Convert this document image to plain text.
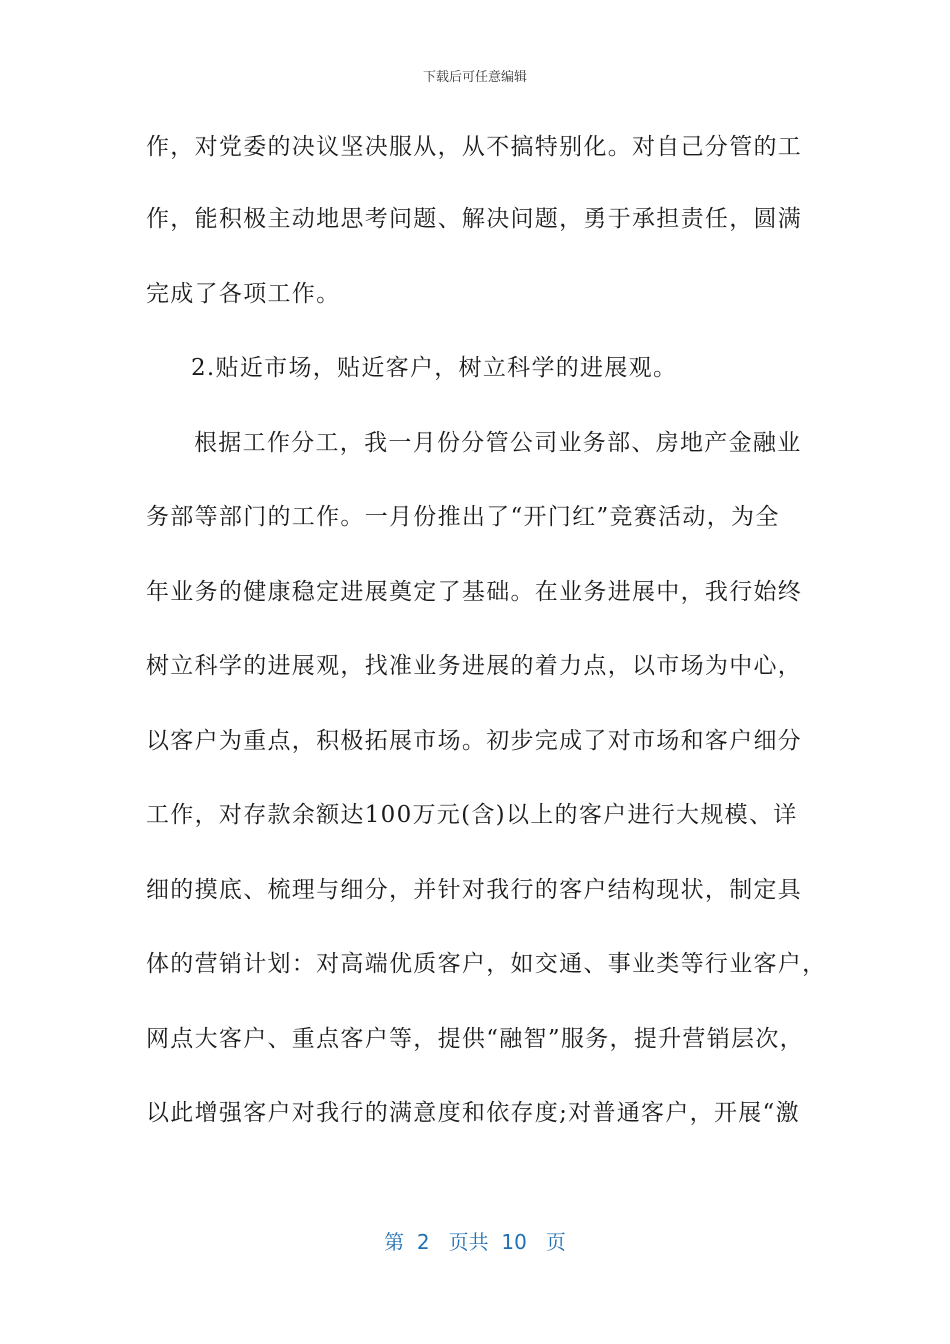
下载后可任意编辑
作，对党委的决议坚决服从，从不搞特别化。对自己分管的工
作，能积极主动地思考问题、解决问题，勇于承担责任，圆满
完成了各项工作。
2.贴近市场，贴近客户，树立科学的进展观。
根据工作分工，我一月份分管公司业务部、房地产金融业
务部等部门的工作。一月份推出了“开门红”竞赛活动，为全
年业务的健康稳定进展奠定了基础。在业务进展中，我行始终
树立科学的进展观，找准业务进展的着力点，以市场为中心，
以客户为重点，积极拓展市场。初步完成了对市场和客户细分
工作，对存款余额达100万元(含)以上的客户进行大规模、详
细的摸底、梳理与细分，并针对我行的客户结构现状，制定具
体的营销计划：对高端优质客户，如交通、事业类等行业客户，
网点大客户、重点客户等，提供“融智”服务，提升营销层次，
以此增强客户对我行的满意度和依存度;对普通客户，开展“激
第  2   页共  10   页
